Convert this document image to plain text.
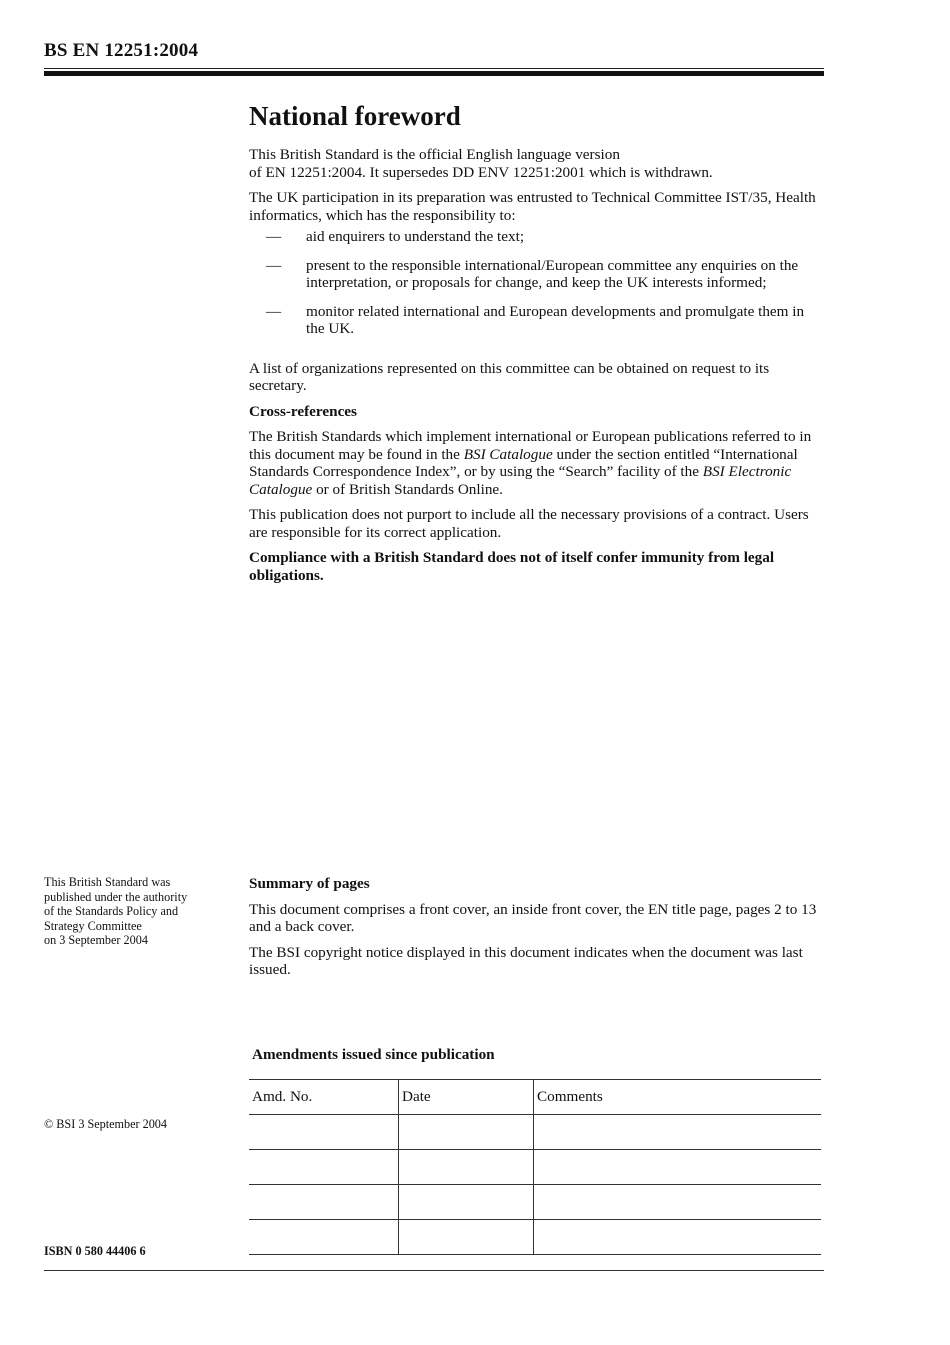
BS EN 12251:2004
National foreword

This British Standard is the official English language version
of EN 12251:2004. It supersedes DD ENV 12251:2001 which is withdrawn.

The UK participation in its preparation was entrusted to Technical Committee IST/35, Health informatics, which has the responsibility to:

— aid enquirers to understand the text;
— present to the responsible international/European committee any enquiries on the interpretation, or proposals for change, and keep the UK interests informed;
— monitor related international and European developments and promulgate them in the UK.

A list of organizations represented on this committee can be obtained on request to its secretary.

Cross-references

The British Standards which implement international or European publications referred to in this document may be found in the BSI Catalogue under the section entitled “International Standards Correspondence Index”, or by using the “Search” facility of the BSI Electronic Catalogue or of British Standards Online.

This publication does not purport to include all the necessary provisions of a contract. Users are responsible for its correct application.

Compliance with a British Standard does not of itself confer immunity from legal obligations.

This British Standard was
published under the authority
of the Standards Policy and
Strategy Committee
on 3 September 2004

Summary of pages

This document comprises a front cover, an inside front cover, the EN title page, pages 2 to 13 and a back cover.

The BSI copyright notice displayed in this document indicates when the document was last issued.

Amendments issued since publication
Amd. No.	Date	Comments

© BSI 3 September 2004
ISBN 0 580 44406 6
